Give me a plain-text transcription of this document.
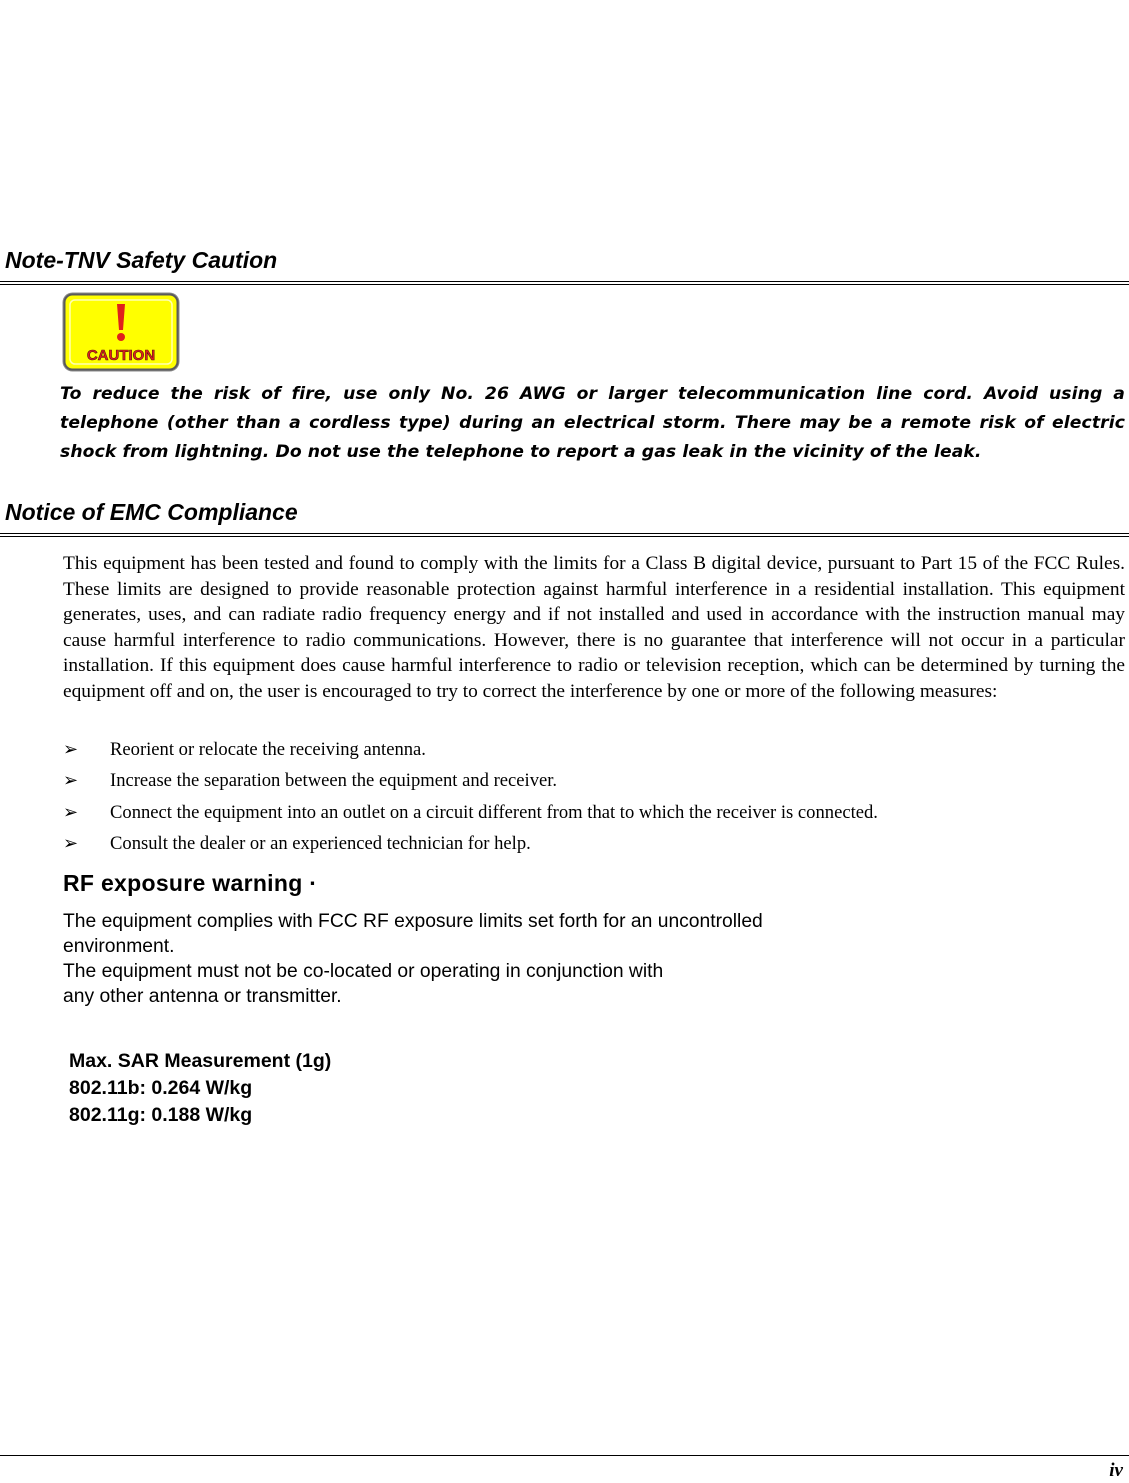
Note-TNV Safety Caution
CAUTION

To reduce the risk of fire, use only No. 26 AWG or larger telecommunication line cord. Avoid using a telephone (other than a cordless type) during an electrical storm. There may be a remote risk of electric shock from lightning. Do not use the telephone to report a gas leak in the vicinity of the leak.

Notice of EMC Compliance

This equipment has been tested and found to comply with the limits for a Class B digital device, pursuant to Part 15 of the FCC Rules. These limits are designed to provide reasonable protection against harmful interference in a residential installation. This equipment generates, uses, and can radiate radio frequency energy and if not installed and used in accordance with the instruction manual may cause harmful interference to radio communications. However, there is no guarantee that interference will not occur in a particular installation. If this equipment does cause harmful interference to radio or television reception, which can be determined by turning the equipment off and on, the user is encouraged to try to correct the interference by one or more of the following measures:

➢ Reorient or relocate the receiving antenna.
➢ Increase the separation between the equipment and receiver.
➢ Connect the equipment into an outlet on a circuit different from that to which the receiver is connected.
➢ Consult the dealer or an experienced technician for help.
RF exposure warning ·

The equipment complies with FCC RF exposure limits set forth for an uncontrolled

environment.

The equipment must not be co-located or operating in conjunction with

any other antenna or transmitter.

Max. SAR Measurement (1g)

802.11b: 0.264 W/kg

802.11g: 0.188 W/kg

iv
